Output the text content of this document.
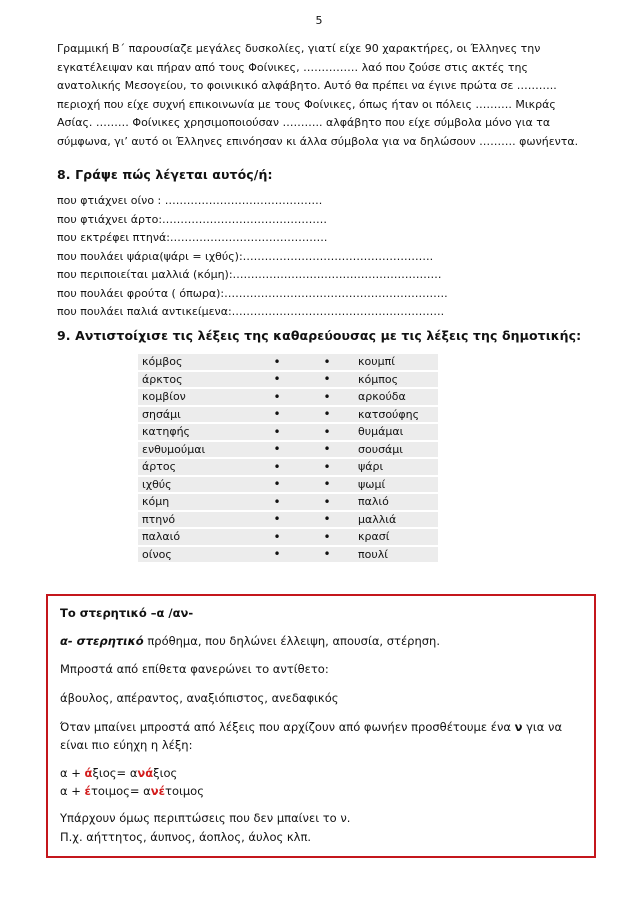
5

Γραμμική Β΄ παρουσίαζε μεγάλες δυσκολίες, γιατί είχε 90 χαρακτήρες, οι Έλληνες την εγκατέλειψαν και πήραν από τους Φοίνικες, …………… λαό που ζούσε στις ακτές της ανατολικής Μεσογείου, το φοινικικό αλφάβητο. Αυτό θα πρέπει να έγινε πρώτα σε ……….. περιοχή που είχε συχνή επικοινωνία με τους Φοίνικες, όπως ήταν οι πόλεις ………. Μικράς Ασίας. ……… Φοίνικες χρησιμοποιούσαν ……….. αλφάβητο που είχε σύμβολα μόνο για τα σύμφωνα, γι’ αυτό οι Έλληνες επινόησαν κι άλλα σύμβολα για να δηλώσουν ………. φωνήεντα.

8. Γράψε πώς λέγεται αυτός/ή:

που φτιάχνει οίνο : …………………………………….
που φτιάχνει άρτο:………………………………………
που εκτρέφει πτηνά:…………………………………….
που πουλάει ψάρια(ψάρι = ιχθύς):…………………………………………….
που περιποιείται μαλλιά (κόμη):…………………………………………………
που πουλάει φρούτα ( όπωρα):…………………………………………………….
που πουλάει παλιά αντικείμενα:………………………………………………….

9. Αντιστοίχισε τις λέξεις της καθαρεύουσας με τις λέξεις της δημοτικής:

κόμβος	•	•	κουμπί
άρκτος	•	•	κόμπος
κομβίον	•	•	αρκούδα
σησάμι	•	•	κατσούφης
κατηφής	•	•	θυμάμαι
ενθυμούμαι	•	•	σουσάμι
άρτος	•	•	ψάρι
ιχθύς	•	•	ψωμί
κόμη	•	•	παλιό
πτηνό	•	•	μαλλιά
παλαιό	•	•	κρασί
οίνος	•	•	πουλί

Το στερητικό –α /αν-

α- στερητικό πρόθημα, που δηλώνει έλλειψη, απουσία, στέρηση.

Μπροστά από επίθετα φανερώνει το αντίθετο:

άβουλος, απέραντος, αναξιόπιστος, ανεδαφικός

Όταν μπαίνει μπροστά από λέξεις που αρχίζουν από φωνήεν προσθέτουμε ένα ν για να είναι πιο εύηχη η λέξη:

α + άξιος= ανάξιος

α + έτοιμος= ανέτοιμος

Υπάρχουν όμως περιπτώσεις που δεν μπαίνει το ν.

Π.χ. αήττητος, άυπνος, άοπλος, άυλος κλπ.
